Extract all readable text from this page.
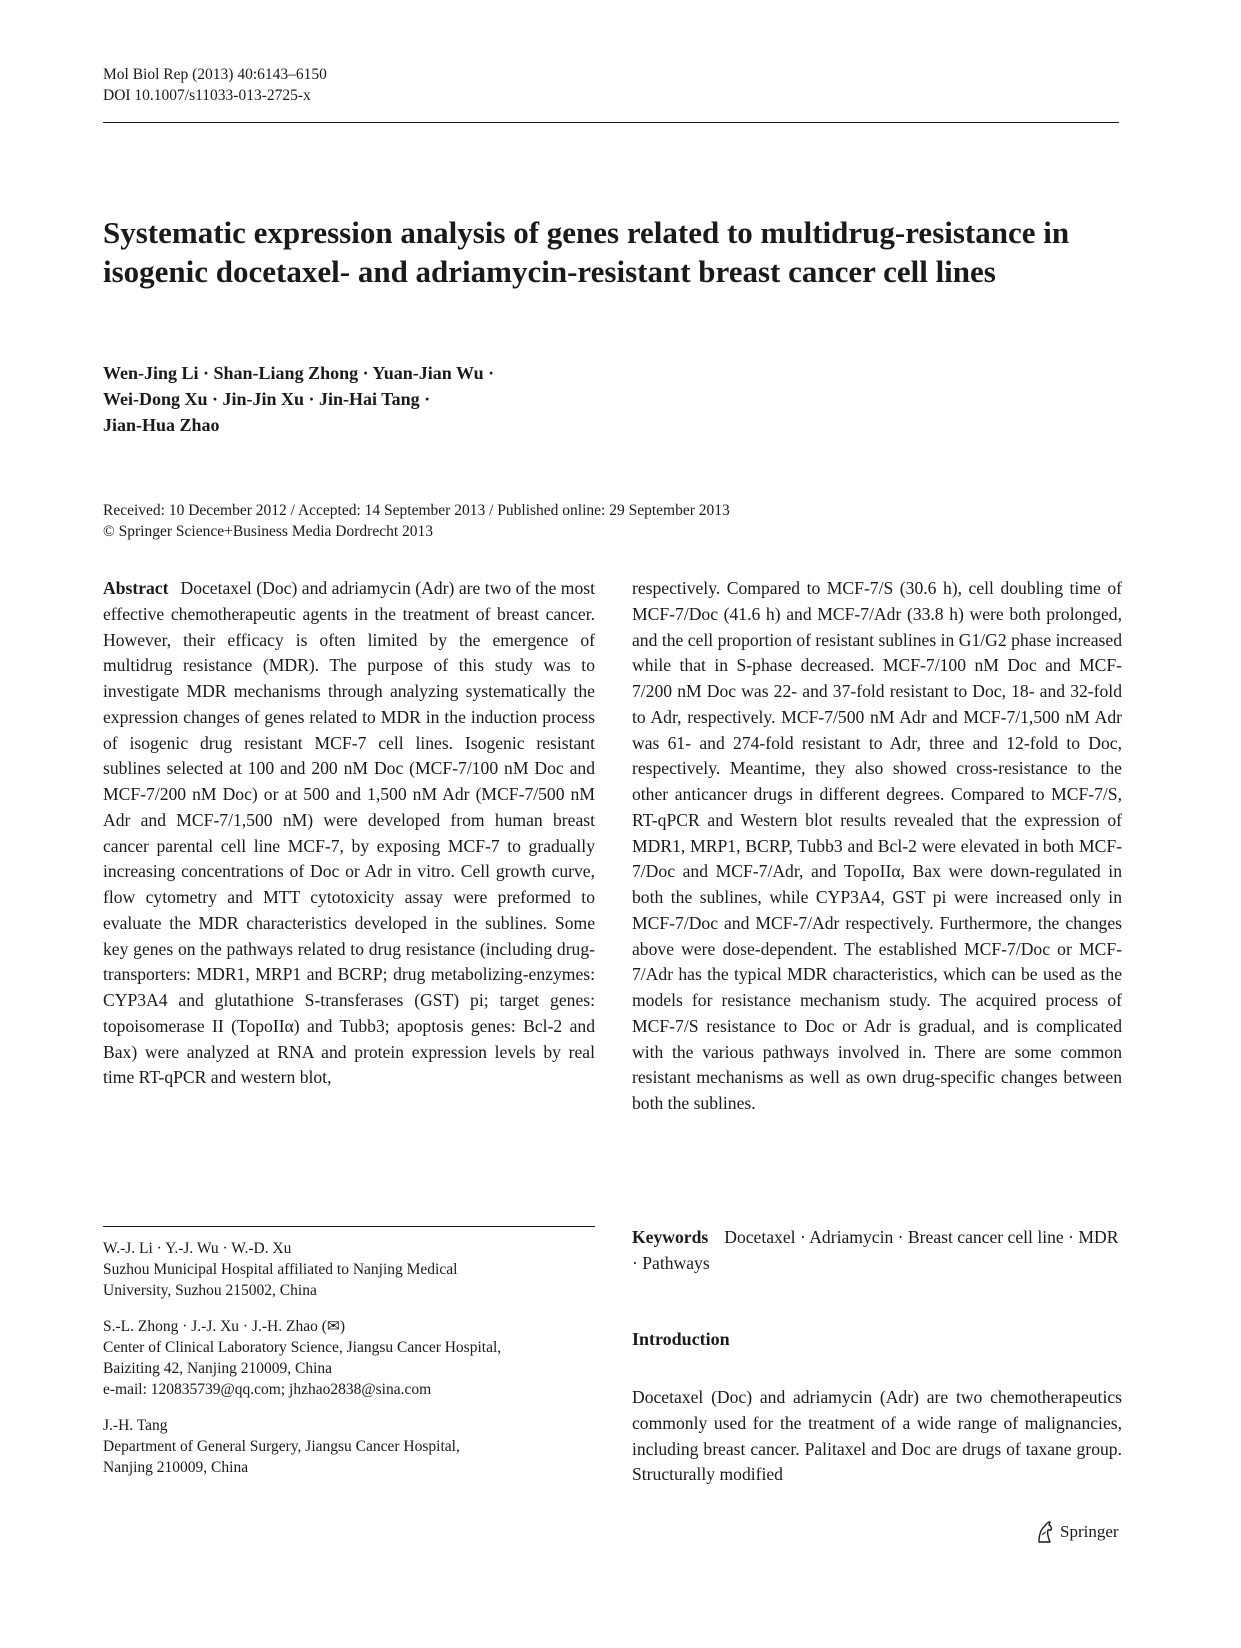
Mol Biol Rep (2013) 40:6143–6150
DOI 10.1007/s11033-013-2725-x
Systematic expression analysis of genes related to multidrug-resistance in isogenic docetaxel- and adriamycin-resistant breast cancer cell lines
Wen-Jing Li · Shan-Liang Zhong · Yuan-Jian Wu ·
Wei-Dong Xu · Jin-Jin Xu · Jin-Hai Tang ·
Jian-Hua Zhao
Received: 10 December 2012 / Accepted: 14 September 2013 / Published online: 29 September 2013
© Springer Science+Business Media Dordrecht 2013

Abstract Docetaxel (Doc) and adriamycin (Adr) are two of the most effective chemotherapeutic agents in the treatment of breast cancer. However, their efficacy is often limited by the emergence of multidrug resistance (MDR). The purpose of this study was to investigate MDR mechanisms through analyzing systematically the expression changes of genes related to MDR in the induction process of isogenic drug resistant MCF-7 cell lines. Isogenic resistant sublines selected at 100 and 200 nM Doc (MCF-7/100 nM Doc and MCF-7/200 nM Doc) or at 500 and 1,500 nM Adr (MCF-7/500 nM Adr and MCF-7/1,500 nM) were developed from human breast cancer parental cell line MCF-7, by exposing MCF-7 to gradually increasing concentrations of Doc or Adr in vitro. Cell growth curve, flow cytometry and MTT cytotoxicity assay were preformed to evaluate the MDR characteristics developed in the sublines. Some key genes on the pathways related to drug resistance (including drug-transporters: MDR1, MRP1 and BCRP; drug metabolizing-enzymes: CYP3A4 and glutathione S-transferases (GST) pi; target genes: topoisomerase II (TopoIIα) and Tubb3; apoptosis genes: Bcl-2 and Bax) were analyzed at RNA and protein expression levels by real time RT-qPCR and western blot,

respectively. Compared to MCF-7/S (30.6 h), cell doubling time of MCF-7/Doc (41.6 h) and MCF-7/Adr (33.8 h) were both prolonged, and the cell proportion of resistant sublines in G1/G2 phase increased while that in S-phase decreased. MCF-7/100 nM Doc and MCF-7/200 nM Doc was 22- and 37-fold resistant to Doc, 18- and 32-fold to Adr, respectively. MCF-7/500 nM Adr and MCF-7/1,500 nM Adr was 61- and 274-fold resistant to Adr, three and 12-fold to Doc, respectively. Meantime, they also showed cross-resistance to the other anticancer drugs in different degrees. Compared to MCF-7/S, RT-qPCR and Western blot results revealed that the expression of MDR1, MRP1, BCRP, Tubb3 and Bcl-2 were elevated in both MCF-7/Doc and MCF-7/Adr, and TopoIIα, Bax were down-regulated in both the sublines, while CYP3A4, GST pi were increased only in MCF-7/Doc and MCF-7/Adr respectively. Furthermore, the changes above were dose-dependent. The established MCF-7/Doc or MCF-7/Adr has the typical MDR characteristics, which can be used as the models for resistance mechanism study. The acquired process of MCF-7/S resistance to Doc or Adr is gradual, and is complicated with the various pathways involved in. There are some common resistant mechanisms as well as own drug-specific changes between both the sublines.

W.-J. Li · Y.-J. Wu · W.-D. Xu
Suzhou Municipal Hospital affiliated to Nanjing Medical
University, Suzhou 215002, China
S.-L. Zhong · J.-J. Xu · J.-H. Zhao (✉)
Center of Clinical Laboratory Science, Jiangsu Cancer Hospital,
Baiziting 42, Nanjing 210009, China
e-mail: 120835739@qq.com; jhzhao2838@sina.com
J.-H. Tang
Department of General Surgery, Jiangsu Cancer Hospital,
Nanjing 210009, China
Keywords Docetaxel · Adriamycin · Breast cancer cell line · MDR · Pathways
Introduction

Docetaxel (Doc) and adriamycin (Adr) are two chemotherapeutics commonly used for the treatment of a wide range of malignancies, including breast cancer. Palitaxel and Doc are drugs of taxane group. Structurally modified

Springer
